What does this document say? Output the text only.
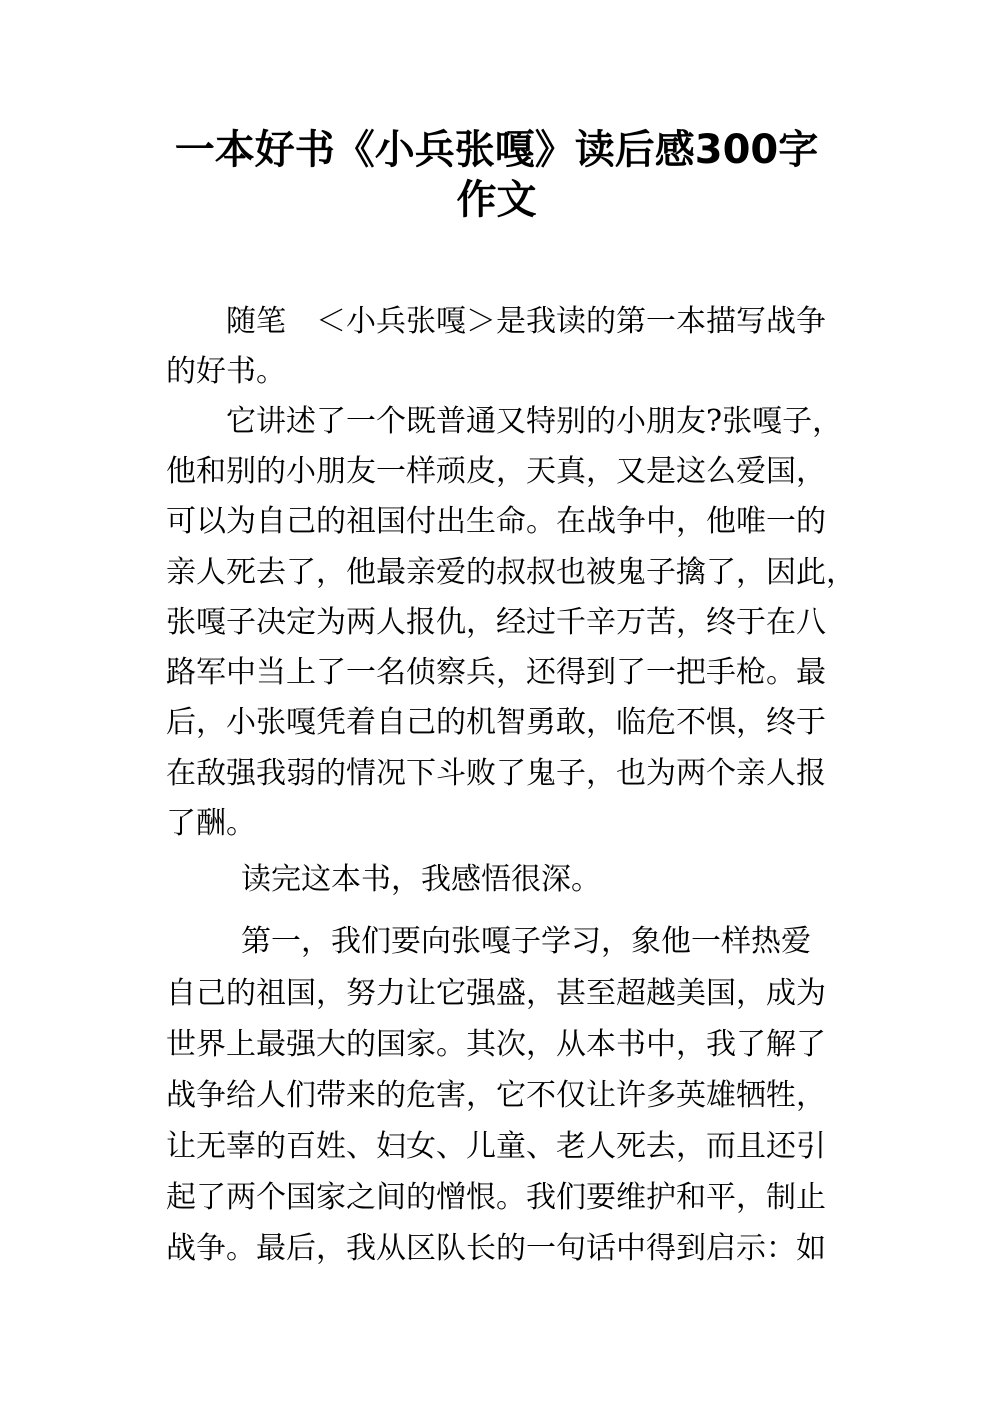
一本好书《小兵张嘎》读后感300字
作文
随笔　＜小兵张嘎＞是我读的第一本描写战争
的好书。
它讲述了一个既普通又特别的小朋友?张嘎子，
他和别的小朋友一样顽皮，天真，又是这么爱国，
可以为自己的祖国付出生命。在战争中，他唯一的
亲人死去了，他最亲爱的叔叔也被鬼子擒了，因此，
张嘎子决定为两人报仇，经过千辛万苦，终于在八
路军中当上了一名侦察兵，还得到了一把手枪。最
后，小张嘎凭着自己的机智勇敢，临危不惧，终于
在敌强我弱的情况下斗败了鬼子，也为两个亲人报
了酬。
读完这本书，我感悟很深。
第一，我们要向张嘎子学习，象他一样热爱
自己的祖国，努力让它强盛，甚至超越美国，成为
世界上最强大的国家。其次，从本书中，我了解了
战争给人们带来的危害，它不仅让许多英雄牺牲，
让无辜的百姓、妇女、儿童、老人死去，而且还引
起了两个国家之间的憎恨。我们要维护和平，制止
战争。最后，我从区队长的一句话中得到启示：如
